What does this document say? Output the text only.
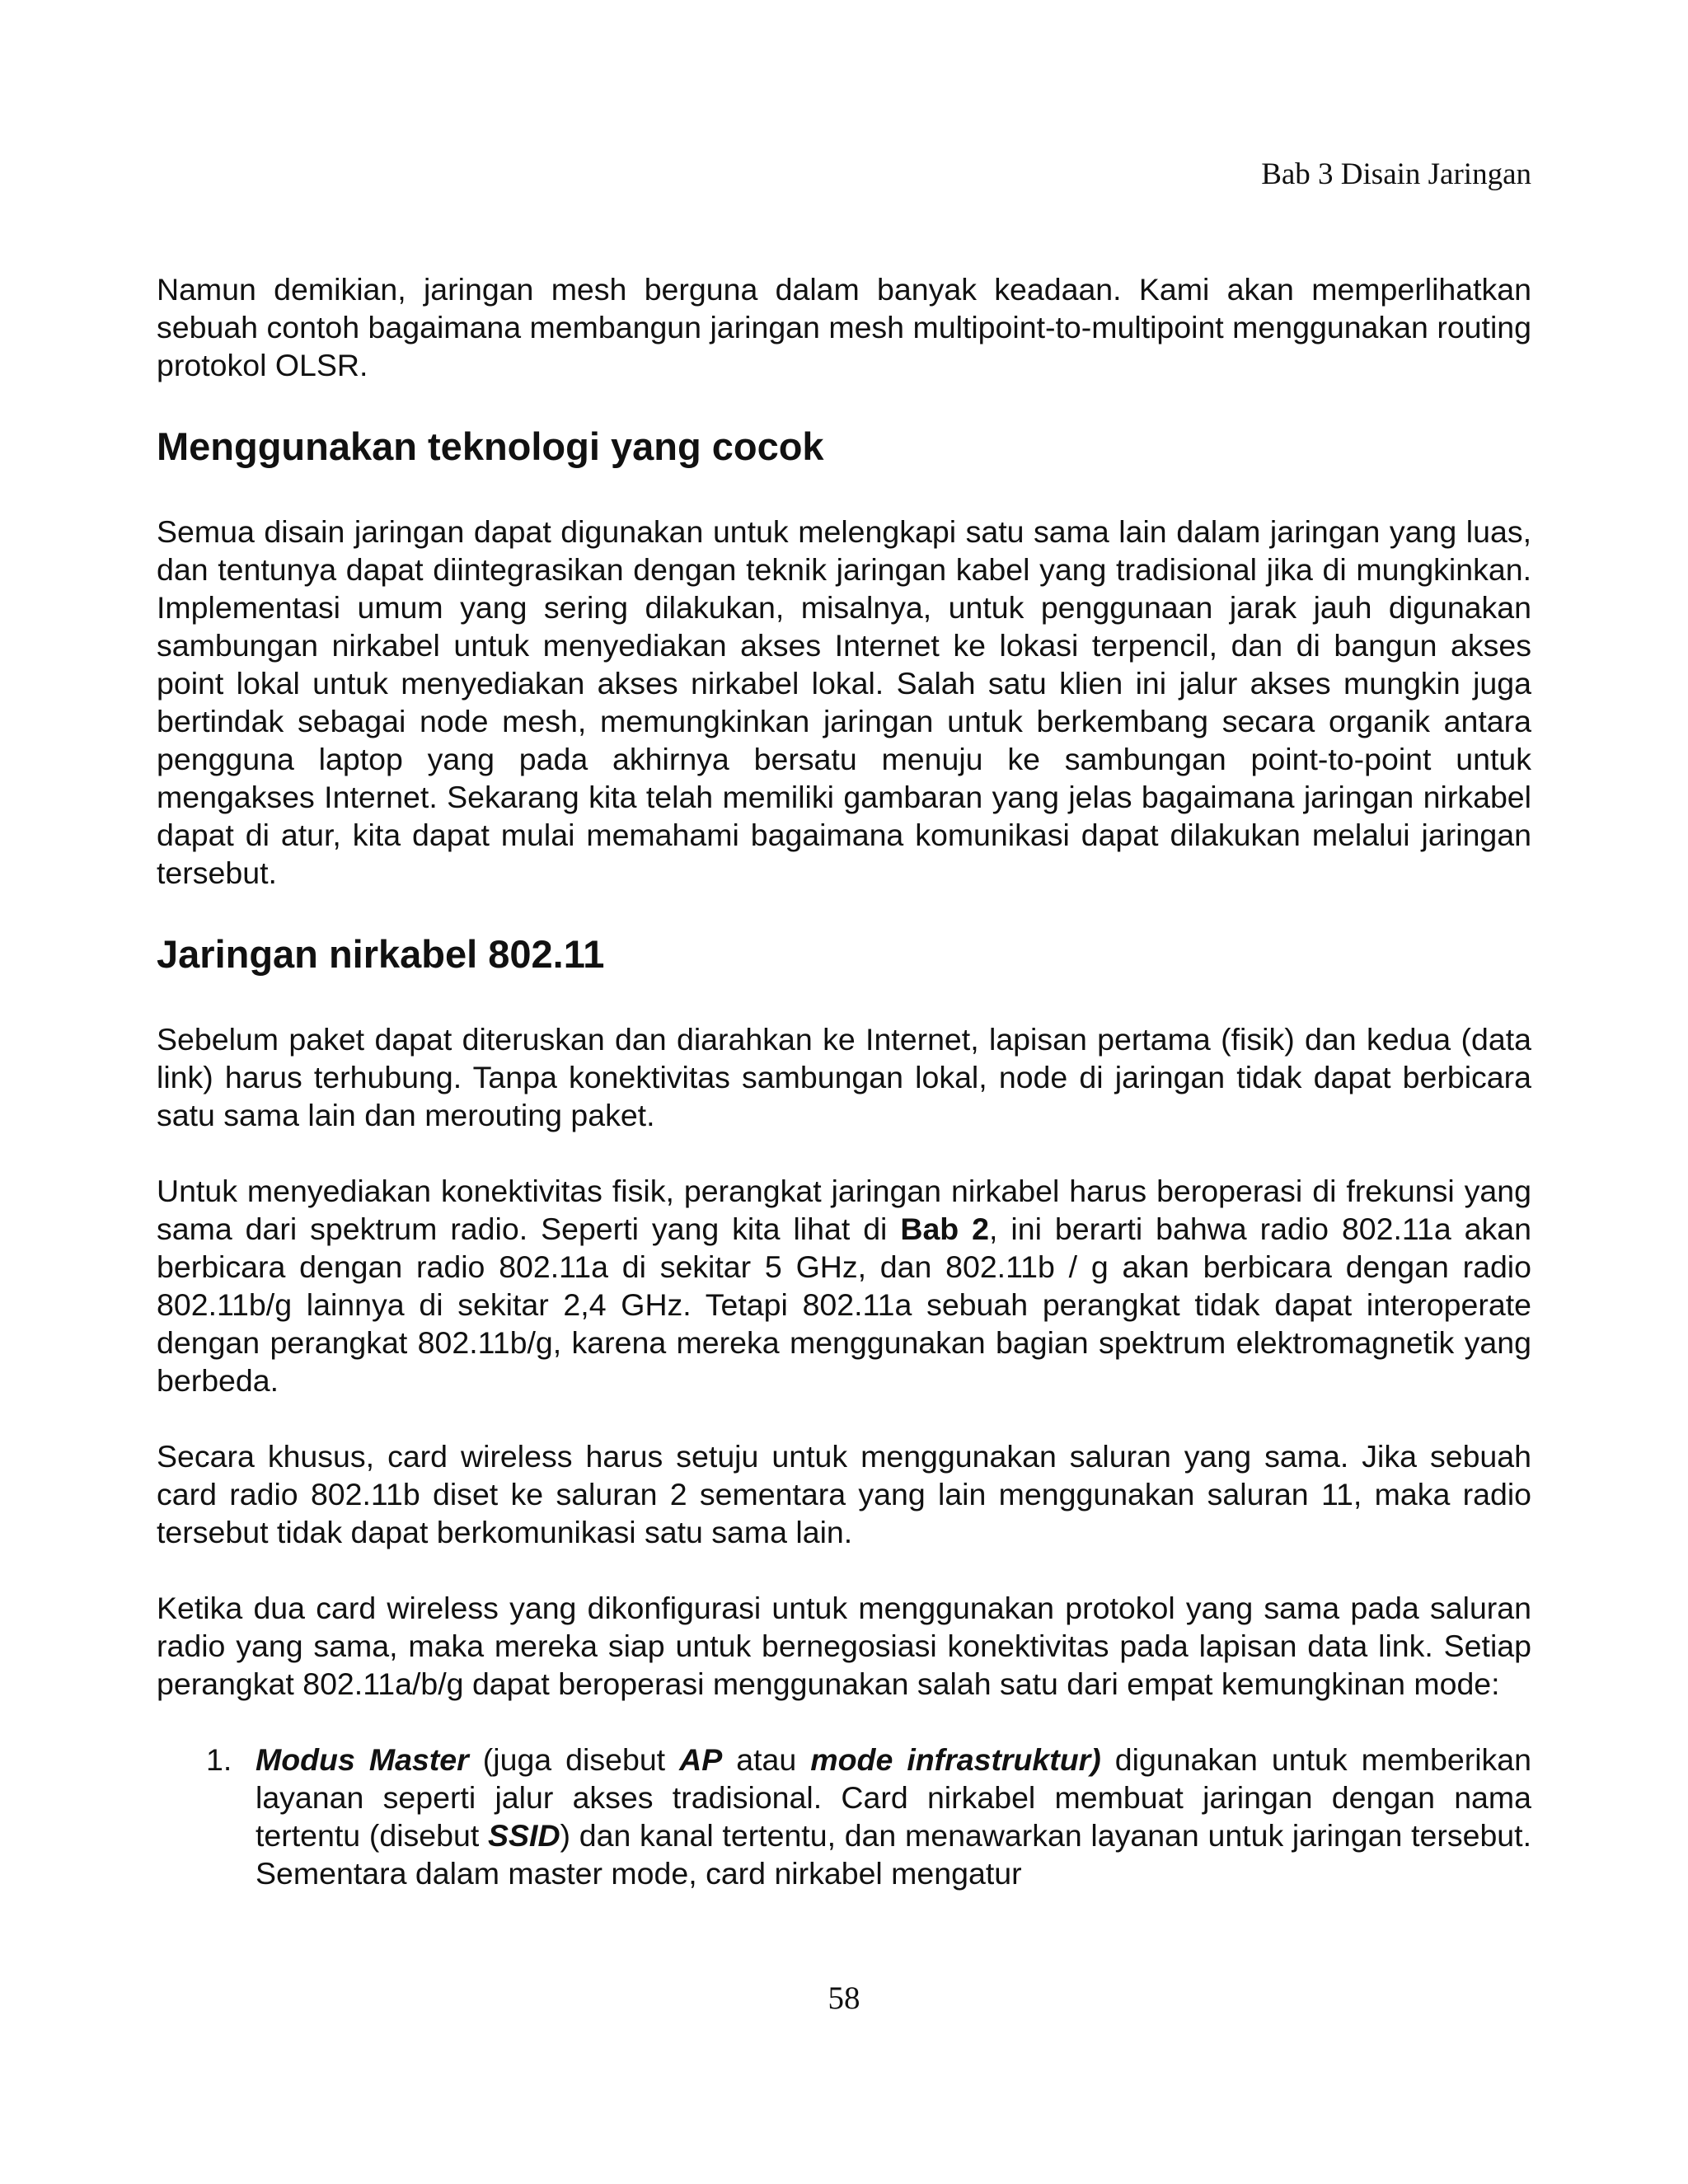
Bab 3 Disain Jaringan

Namun demikian, jaringan mesh berguna dalam banyak keadaan. Kami akan memperlihatkan sebuah contoh bagaimana membangun jaringan mesh multipoint-to-multipoint menggunakan routing protokol OLSR.

Menggunakan teknologi yang cocok

Semua disain jaringan dapat digunakan untuk melengkapi satu sama lain dalam jaringan yang luas, dan tentunya dapat diintegrasikan dengan teknik jaringan kabel yang tradisional jika di mungkinkan. Implementasi umum yang sering dilakukan, misalnya, untuk penggunaan jarak jauh digunakan sambungan nirkabel untuk menyediakan akses Internet ke lokasi terpencil, dan di bangun akses point lokal untuk menyediakan akses nirkabel lokal. Salah satu klien ini jalur akses mungkin juga bertindak sebagai node mesh, memungkinkan jaringan untuk berkembang secara organik antara pengguna laptop yang pada akhirnya bersatu menuju ke sambungan point-to-point untuk mengakses Internet. Sekarang kita telah memiliki gambaran yang jelas bagaimana jaringan nirkabel dapat di atur, kita dapat mulai memahami bagaimana komunikasi dapat dilakukan melalui jaringan tersebut.

Jaringan nirkabel 802.11

Sebelum paket dapat diteruskan dan diarahkan ke Internet, lapisan pertama (fisik) dan kedua (data link) harus terhubung. Tanpa konektivitas sambungan lokal, node di jaringan tidak dapat berbicara satu sama lain dan merouting paket.

Untuk menyediakan konektivitas fisik, perangkat jaringan nirkabel harus beroperasi di frekunsi yang sama dari spektrum radio. Seperti yang kita lihat di Bab 2, ini berarti bahwa radio 802.11a akan berbicara dengan radio 802.11a di sekitar 5 GHz, dan 802.11b / g akan berbicara dengan radio 802.11b/g lainnya di sekitar 2,4 GHz. Tetapi 802.11a sebuah perangkat tidak dapat interoperate dengan perangkat 802.11b/g, karena mereka menggunakan bagian spektrum elektromagnetik yang berbeda.

Secara khusus, card wireless harus setuju untuk menggunakan saluran yang sama. Jika sebuah card radio 802.11b diset ke saluran 2 sementara yang lain menggunakan saluran 11, maka radio tersebut tidak dapat berkomunikasi satu sama lain.

Ketika dua card wireless yang dikonfigurasi untuk menggunakan protokol yang sama pada saluran radio yang sama, maka mereka siap untuk bernegosiasi konektivitas pada lapisan data link. Setiap perangkat 802.11a/b/g dapat beroperasi menggunakan salah satu dari empat kemungkinan mode:

1. Modus Master (juga disebut AP atau mode infrastruktur) digunakan untuk memberikan layanan seperti jalur akses tradisional. Card nirkabel membuat jaringan dengan nama tertentu (disebut SSID) dan kanal tertentu, dan menawarkan layanan untuk jaringan tersebut. Sementara dalam master mode, card nirkabel mengatur
58
